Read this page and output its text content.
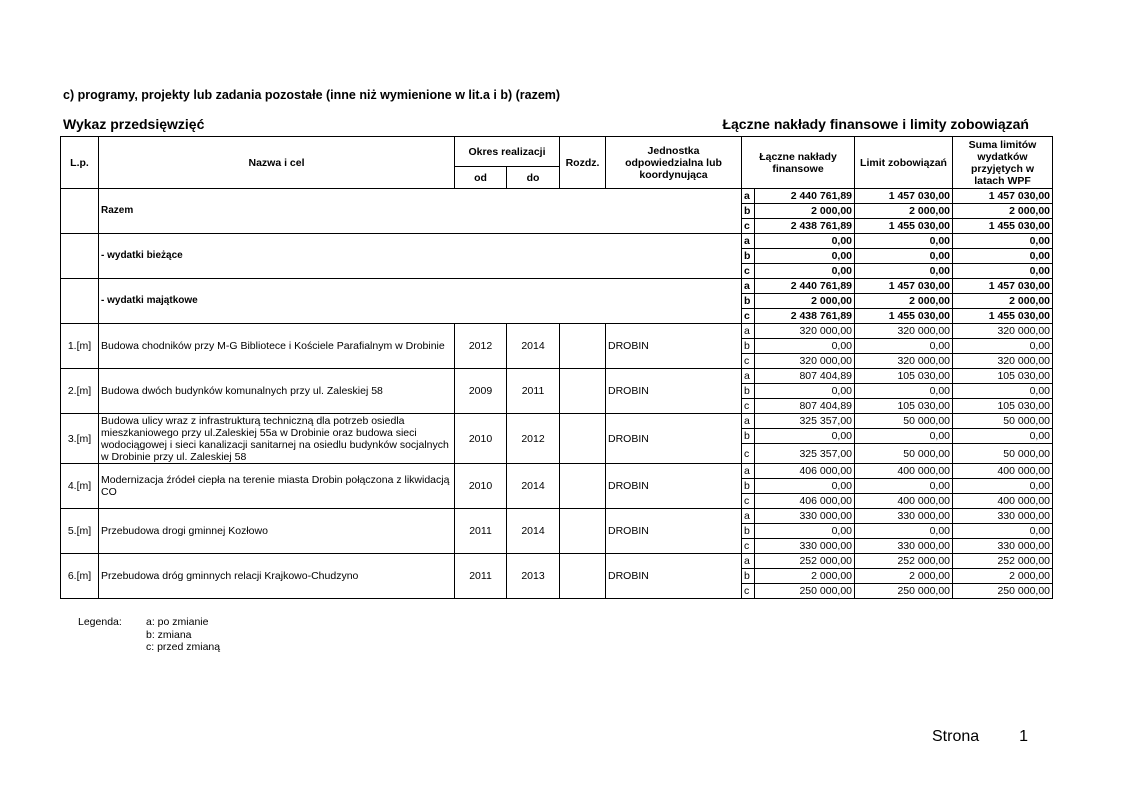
c) programy, projekty lub zadania pozostałe (inne niż wymienione w lit.a i b) (razem)
Wykaz przedsięwzięć	Łączne nakłady finansowe i limity zobowiązań
L.p.	Nazwa i cel	Okres realizacji		Rozdz.	Jednostka odpowiedzialna lub koordynująca	Łączne nakłady finansowe		Limit zobowiązań	Suma limitów wydatków przyjętych w latach WPF
		od	do						
	Razem					a	2 440 761,89	1 457 030,00	1 457 030,00
						b	2 000,00	2 000,00	2 000,00
						c	2 438 761,89	1 455 030,00	1 455 030,00
	- wydatki bieżące					a	0,00	0,00	0,00
						b	0,00	0,00	0,00
						c	0,00	0,00	0,00
	- wydatki majątkowe					a	2 440 761,89	1 457 030,00	1 457 030,00
						b	2 000,00	2 000,00	2 000,00
						c	2 438 761,89	1 455 030,00	1 455 030,00
1.[m]	Budowa chodników przy M-G Bibliotece i Kościele Parafialnym w Drobinie	2012	2014		DROBIN	a	320 000,00	320 000,00	320 000,00
						b	0,00	0,00	0,00
						c	320 000,00	320 000,00	320 000,00
2.[m]	Budowa dwóch budynków komunalnych przy ul. Zaleskiej 58	2009	2011		DROBIN	a	807 404,89	105 030,00	105 030,00
						b	0,00	0,00	0,00
						c	807 404,89	105 030,00	105 030,00
3.[m]	Budowa ulicy wraz z infrastrukturą techniczną dla potrzeb osiedla mieszkaniowego przy ul.Zaleskiej 55a w Drobinie oraz budowa sieci wodociągowej i sieci kanalizacji sanitarnej na osiedlu budynków socjalnych w Drobinie przy ul. Zaleskiej 58	2010	2012		DROBIN	a	325 357,00	50 000,00	50 000,00
						b	0,00	0,00	0,00
						c	325 357,00	50 000,00	50 000,00
4.[m]	Modernizacja źródeł ciepła na terenie miasta Drobin połączona z likwidacją CO	2010	2014		DROBIN	a	406 000,00	400 000,00	400 000,00
						b	0,00	0,00	0,00
						c	406 000,00	400 000,00	400 000,00
5.[m]	Przebudowa drogi gminnej Kozłowo	2011	2014		DROBIN	a	330 000,00	330 000,00	330 000,00
						b	0,00	0,00	0,00
						c	330 000,00	330 000,00	330 000,00
6.[m]	Przebudowa dróg gminnych relacji Krajkowo-Chudzyno	2011	2013		DROBIN	a	252 000,00	252 000,00	252 000,00
						b	2 000,00	2 000,00	2 000,00
						c	250 000,00	250 000,00	250 000,00
Legenda: a: po zmianie
b: zmiana
c: przed zmianą
Strona	1
